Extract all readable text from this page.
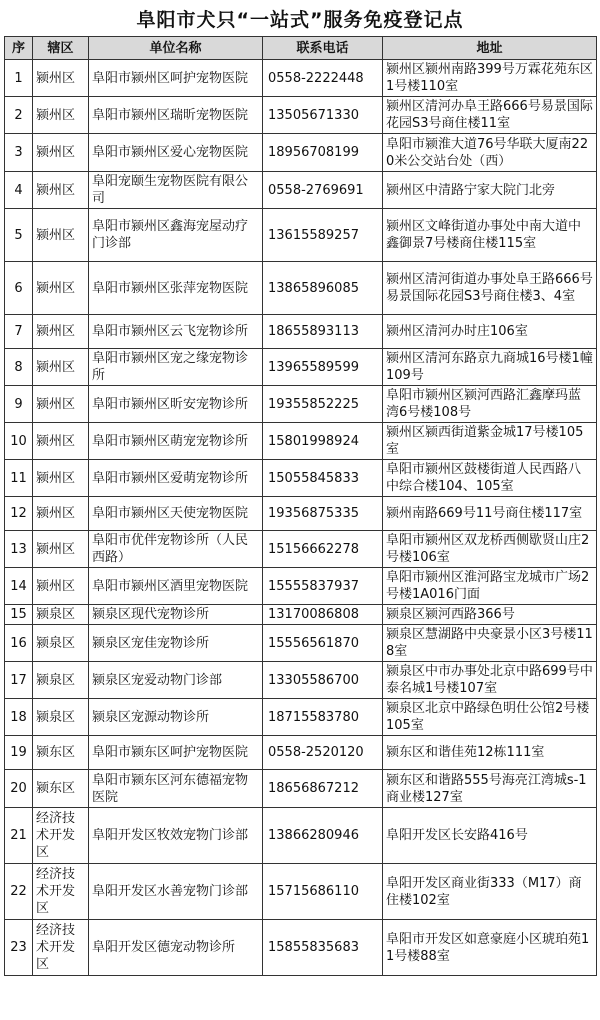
阜阳市犬只“一站式”服务免疫登记点
序	辖区	单位名称	联系电话	地址
1	颍州区	阜阳市颍州区呵护宠物医院	0558-2222448	颍州区颍州南路399号万霖花苑东区1号楼110室
2	颍州区	阜阳市颍州区瑞昕宠物医院	13505671330	颍州区清河办阜王路666号易景国际花园S3号商住楼11室
3	颍州区	阜阳市颍州区爱心宠物医院	18956708199	阜阳市颍淮大道76号华联大厦南220米公交站台处（西）
4	颍州区	阜阳宠颐生宠物医院有限公司	0558-2769691	颍州区中清路宁家大院门北旁
5	颍州区	阜阳市颍州区鑫海宠屋动疗门诊部	13615589257	颍州区文峰街道办事处中南大道中鑫御景7号楼商住楼115室
6	颍州区	阜阳市颍州区张萍宠物医院	13865896085	颍州区清河街道办事处阜王路666号易景国际花园S3号商住楼3、4室
7	颍州区	阜阳市颍州区云飞宠物诊所	18655893113	颍州区清河办时庄106室
8	颍州区	阜阳市颍州区宠之缘宠物诊所	13965589599	颍州区清河东路京九商城16号楼1幢109号
9	颍州区	阜阳市颍州区昕安宠物诊所	19355852225	阜阳市颍州区颍河西路汇鑫摩玛蓝湾6号楼108号
10	颍州区	阜阳市颍州区萌宠宠物诊所	15801998924	颍州区颍西街道紫金城17号楼105室
11	颍州区	阜阳市颍州区爱萌宠物诊所	15055845833	阜阳市颍州区鼓楼街道人民西路八中综合楼104、105室
12	颍州区	阜阳市颍州区天使宠物医院	19356875335	颍州南路669号11号商住楼117室
13	颍州区	阜阳市优伴宠物诊所（人民西路）	15156662278	阜阳市颍州区双龙桥西侧歇贤山庄2号楼106室
14	颍州区	阜阳市颍州区酒里宠物医院	15555837937	阜阳市颍州区淮河路宝龙城市广场2号楼1A016门面
15	颍泉区	颍泉区现代宠物诊所	13170086808	颍泉区颍河西路366号
16	颍泉区	颍泉区宠佳宠物诊所	15556561870	颍泉区慧湖路中央豪景小区3号楼118室
17	颍泉区	颍泉区宠爱动物门诊部	13305586700	颍泉区中市办事处北京中路699号中泰名城1号楼107室
18	颍泉区	颍泉区宠源动物诊所	18715583780	颍泉区北京中路绿色明仕公馆2号楼105室
19	颍东区	阜阳市颍东区呵护宠物医院	0558-2520120	颍东区和谐佳苑12栋111室
20	颍东区	阜阳市颍东区河东德福宠物医院	18656867212	颍东区和谐路555号海亮江湾城s-1商业楼127室
21	经济技术开发区	阜阳开发区牧效宠物门诊部	13866280946	阜阳开发区长安路416号
22	经济技术开发区	阜阳开发区水善宠物门诊部	15715686110	阜阳开发区商业街333（M17）商住楼102室
23	经济技术开发区	阜阳开发区德宠动物诊所	15855835683	阜阳市开发区如意豪庭小区琥珀苑11号楼88室
